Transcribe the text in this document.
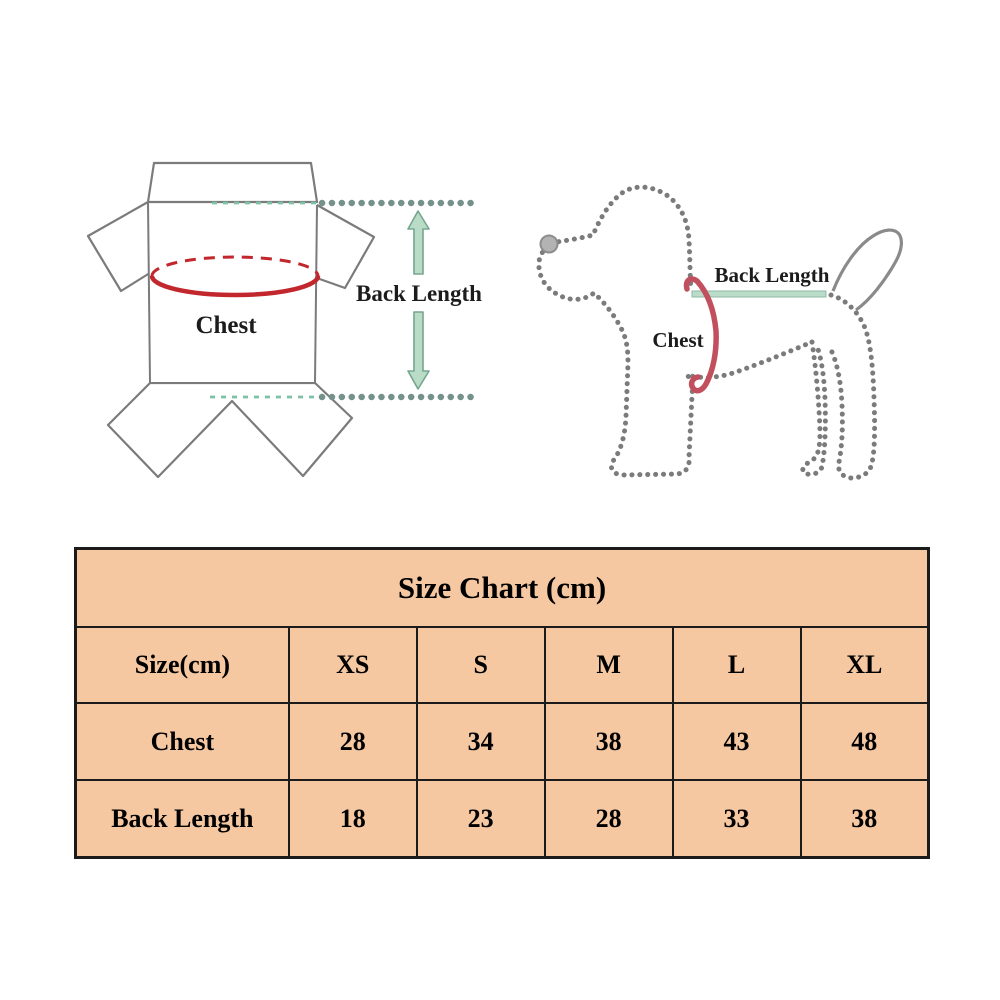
Chest
Back Length
Back Length
Chest
Size Chart (cm)					
Size(cm)	XS	S	M	L	XL
Chest	28	34	38	43	48
Back Length	18	23	28	33	38
